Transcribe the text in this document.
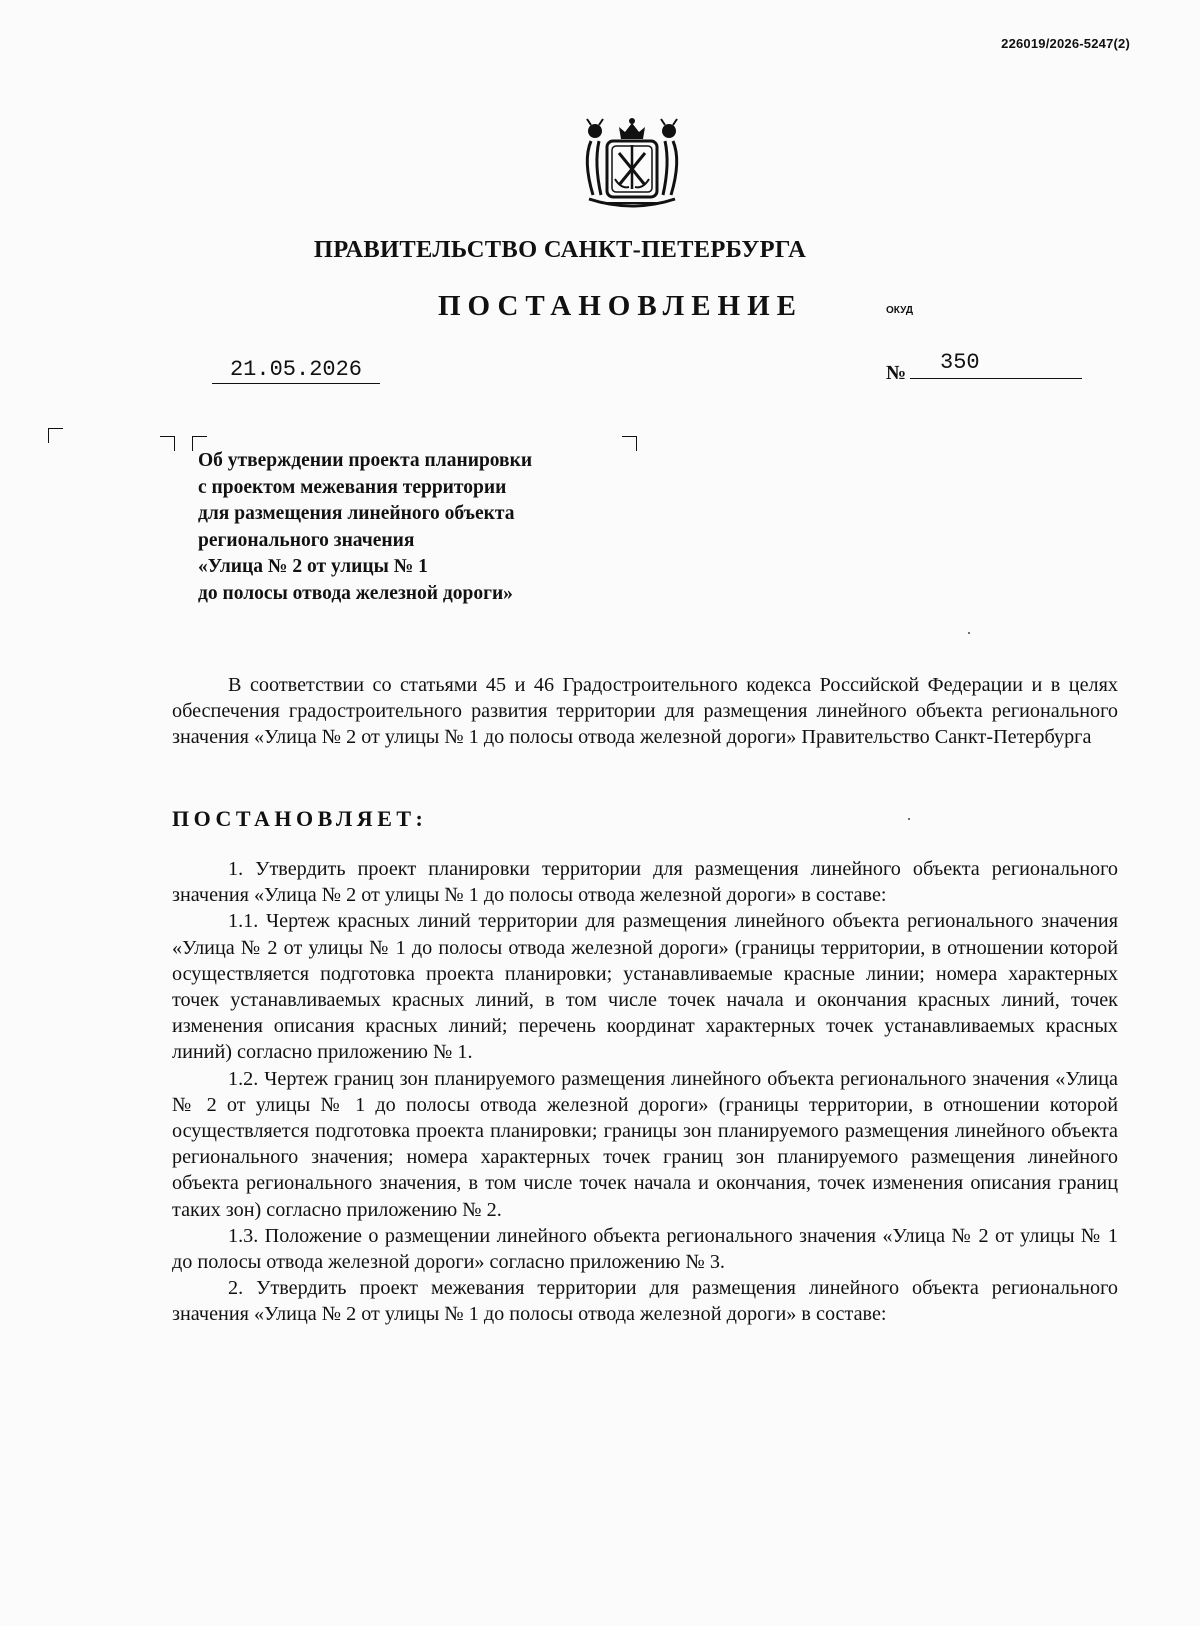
226019/2026-5247(2)
ПРАВИТЕЛЬСТВО САНКТ-ПЕТЕРБУРГА
ПОСТАНОВЛЕНИЕ	ОКУД
21.05.2026	№ 350
Об утверждении проекта планировки
с проектом межевания территории
для размещения линейного объекта
регионального значения
«Улица № 2 от улицы № 1
до полосы отвода железной дороги»

В соответствии со статьями 45 и 46 Градостроительного кодекса Российской Федерации и в целях обеспечения градостроительного развития территории для размещения линейного объекта регионального значения «Улица № 2 от улицы № 1 до полосы отвода железной дороги» Правительство Санкт-Петербурга

ПОСТАНОВЛЯЕТ:

1. Утвердить проект планировки территории для размещения линейного объекта регионального значения «Улица № 2 от улицы № 1 до полосы отвода железной дороги» в составе:

1.1. Чертеж красных линий территории для размещения линейного объекта регионального значения «Улица № 2 от улицы № 1 до полосы отвода железной дороги» (границы территории, в отношении которой осуществляется подготовка проекта планировки; устанавливаемые красные линии; номера характерных точек устанавливаемых красных линий, в том числе точек начала и окончания красных линий, точек изменения описания красных линий; перечень координат характерных точек устанавливаемых красных линий) согласно приложению № 1.

1.2. Чертеж границ зон планируемого размещения линейного объекта регионального значения «Улица № 2 от улицы № 1 до полосы отвода железной дороги» (границы территории, в отношении которой осуществляется подготовка проекта планировки; границы зон планируемого размещения линейного объекта регионального значения; номера характерных точек границ зон планируемого размещения линейного объекта регионального значения, в том числе точек начала и окончания, точек изменения описания границ таких зон) согласно приложению № 2.

1.3. Положение о размещении линейного объекта регионального значения «Улица № 2 от улицы № 1 до полосы отвода железной дороги» согласно приложению № 3.

2. Утвердить проект межевания территории для размещения линейного объекта регионального значения «Улица № 2 от улицы № 1 до полосы отвода железной дороги» в составе:
